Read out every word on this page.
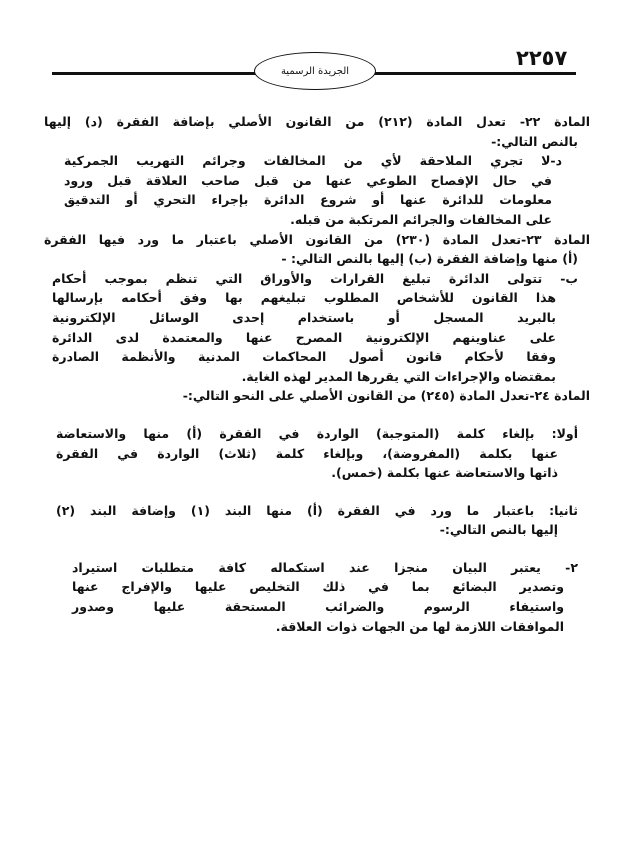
٢٢٥٧
الجريدة الرسمية
المادة ٢٢- تعدل المادة (٢١٢) من القانون الأصلي بإضافة الفقرة (د) إليها
بالنص التالي:-
د-لا تجري الملاحقة لأي من المخالفات وجرائم التهريب الجمركية
في حال الإفصاح الطوعي عنها من قبل صاحب العلاقة قبل ورود
معلومات للدائرة عنها أو شروع الدائرة بإجراء التحري أو التدقيق
على المخالفات والجرائم المرتكبة من قبله.
المادة ٢٣-تعدل المادة (٢٣٠) من القانون الأصلي باعتبار ما ورد فيها الفقرة
(أ) منها وإضافة الفقرة (ب) إليها بالنص التالي: -
ب- تتولى الدائرة تبليغ القرارات والأوراق التي تنظم بموجب أحكام
هذا القانون للأشخاص المطلوب تبليغهم بها وفق أحكامه بإرسالها
بالبريد المسجل أو باستخدام إحدى الوسائل الإلكترونية
على عناوينهم الإلكترونية المصرح عنها والمعتمدة لدى الدائرة
وفقا لأحكام قانون أصول المحاكمات المدنية والأنظمة الصادرة
بمقتضاه والإجراءات التي يقررها المدير لهذه الغاية.
المادة ٢٤-تعدل المادة (٢٤٥) من القانون الأصلي على النحو التالي:-
أولا: بإلغاء كلمة (المتوجبة) الواردة في الفقرة (أ) منها والاستعاضة
عنها بكلمة (المفروضة)، وبإلغاء كلمة (ثلاث) الواردة في الفقرة
ذاتها والاستعاضة عنها بكلمة (خمس).
ثانيا: باعتبار ما ورد في الفقرة (أ) منها البند (١) وإضافة البند (٢)
إليها بالنص التالي:-
٢- يعتبر البيان منجزا عند استكماله كافة متطلبات استيراد
وتصدير البضائع بما في ذلك التخليص عليها والإفراج عنها
واستيفاء الرسوم والضرائب المستحقة عليها وصدور
الموافقات اللازمة لها من الجهات ذوات العلاقة.
